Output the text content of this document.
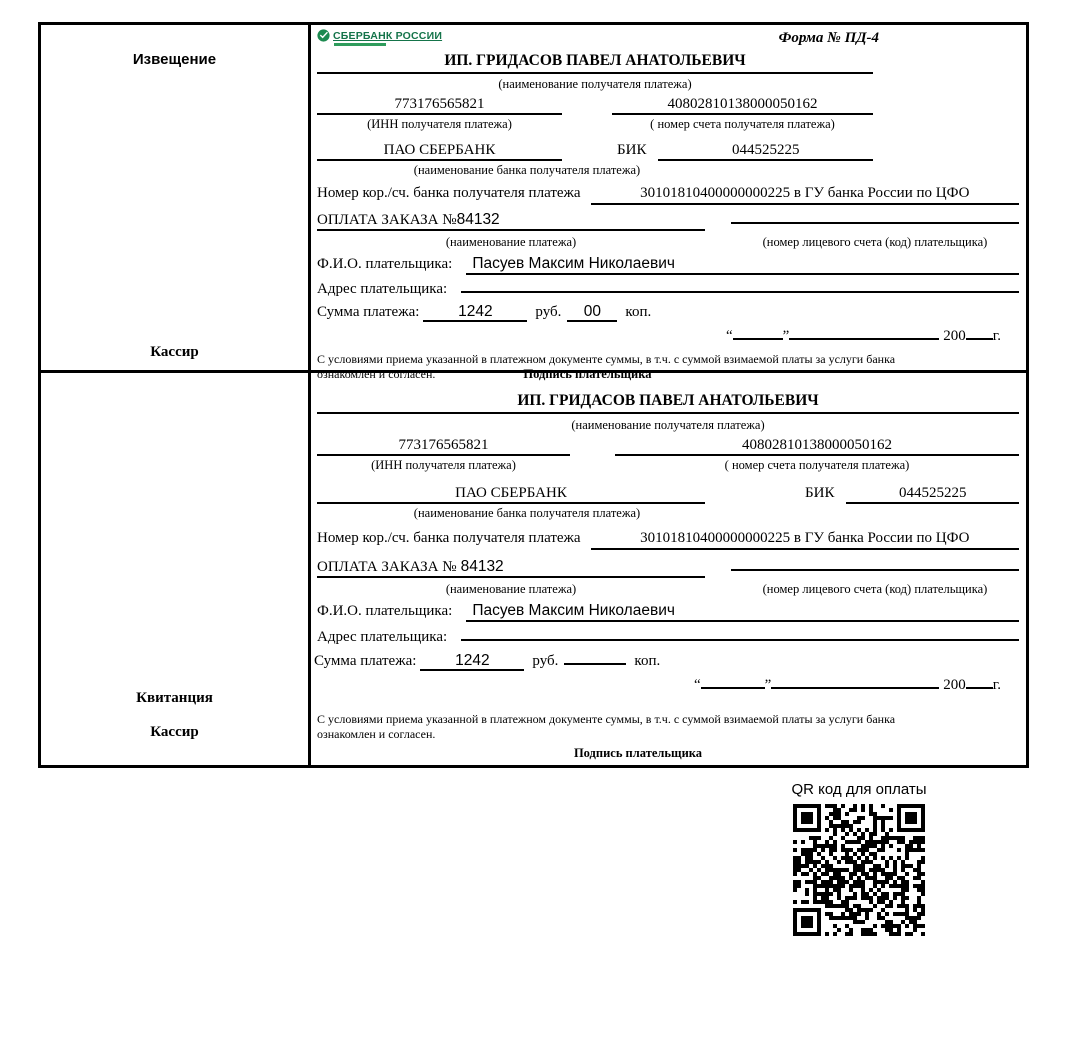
Извещение
Кассир
СБЕРБАНК РОССИИ	Форма № ПД-4
ИП. ГРИДАСОВ ПАВЕЛ АНАТОЛЬЕВИЧ
(наименование получателя платежа)
773176565821	40802810138000050162
(ИНН получателя платежа)	( номер счета получателя платежа)
ПАО СБЕРБАНК	БИК	044525225
(наименование банка получателя платежа)
Номер кор./сч. банка получателя платежа	30101810400000000225 в ГУ банка России по ЦФО
ОПЛАТА ЗАКАЗА № 84132
(наименование платежа)	(номер лицевого счета (код) плательщика)
Ф.И.О. плательщика:	Пасуев Максим Николаевич
Адрес плательщика:
Сумма платежа:	1242	руб.	00	коп.
“	”	200 г.
С условиями приема указанной в платежном документе суммы, в т.ч. с суммой взимаемой платы за услуги банка
ознакомлен и согласен.	Подпись плательщика
Квитанция
Кассир
ИП. ГРИДАСОВ ПАВЕЛ АНАТОЛЬЕВИЧ
(наименование получателя платежа)
773176565821	40802810138000050162
(ИНН получателя платежа)	( номер счета получателя платежа)
ПАО СБЕРБАНК	БИК	044525225
(наименование банка получателя платежа)
Номер кор./сч. банка получателя платежа	30101810400000000225 в ГУ банка России по ЦФО
ОПЛАТА ЗАКАЗА № 84132
(наименование платежа)	(номер лицевого счета (код) плательщика)
Ф.И.О. плательщика:	Пасуев Максим Николаевич
Адрес плательщика:
Сумма платежа:	1242	руб.	коп.
“	”	200 г.
С условиями приема указанной в платежном документе суммы, в т.ч. с суммой взимаемой платы за услуги банка
ознакомлен и согласен.
Подпись плательщика
QR код для оплаты
